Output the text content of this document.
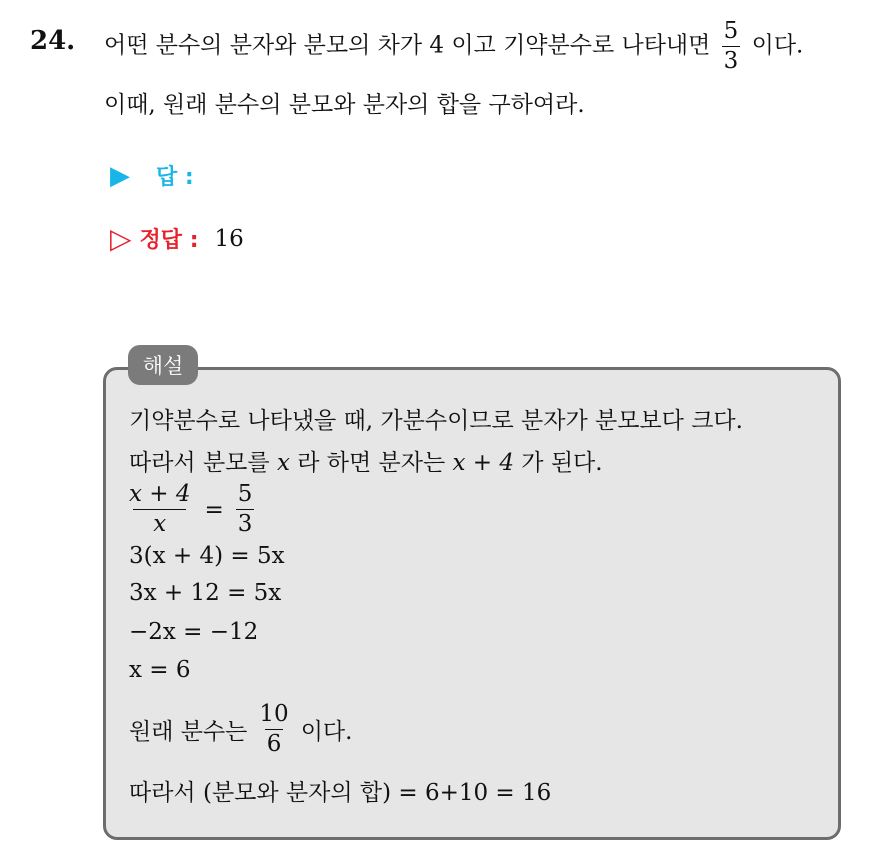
24. 어떤 분수의 분자와 분모의 차가 4 이고 기약분수로 나타내면 $\frac{5}{3}$ 이다.
이때, 원래 분수의 분모와 분자의 합을 구하여라.
▶ 답 :
▷ 정답 : 16
해설
기약분수로 나타냈을 때, 가분수이므로 분자가 분모보다 크다.
따라서 분모를 x 라 하면 분자는 x + 4 가 된다.
$\frac{x + 4}{x} = \frac{5}{3}$
3(x + 4) = 5x
3x + 12 = 5x
−2x = −12
x = 6
원래 분수는 $\frac{10}{6}$ 이다.
따라서 (분모와 분자의 합) = 6+10 = 16
